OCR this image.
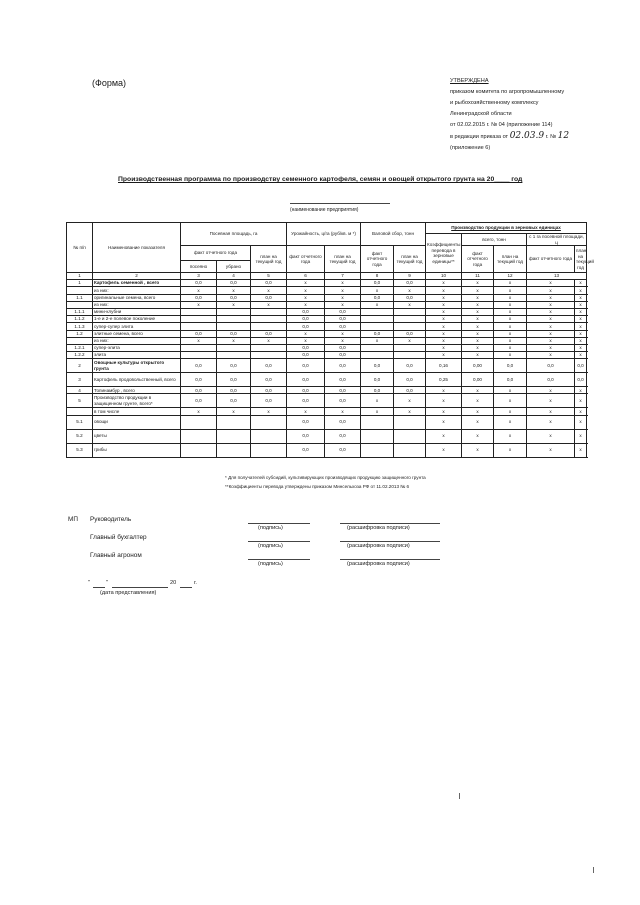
(Форма)	УТВЕРЖДЕНА
приказом комитета по агропромышленному
и рыбохозяйственному комплексу
Ленинградской области
от 02.02.2015 г. № 04 (приложение 114)
в редакции приказа от 02.03.9 г. № 12
(приложение 6)
Производственная программа по производству семенного картофеля, семян и овощей открытого грунта на 20____ год
(наименование предприятия)
№ п/п	Наименование показателя	Посевная площадь, га			Урожайность, ц/га (руб/кв. м *)		Валовой сбор, тонн		Производство продукции в зерновых единицах				
									Коэффициенты перевода в зерновые единицы**	всего, тонн		с 1 га посевной площади, ц	
		факт отчетного года		план на текущий год	факт отчетного года	план на текущий год	факт отчетного года	план на текущий год		факт отчетного года	план на текущий год	факт отчетного года	план на текущий год
		посеяно	убрано										
1	2	3	4	5	6	7	8	9	10	11	12	13	
1	Картофель семенной , всего	0,0	0,0	0,0	x	x	0,0	0,0	x	x	x	x	x
	из них:	x	x	x	x	x	x	x	x	x	x	x	x
1.1	оригинальные семена, всего	0,0	0,0	0,0	x	x	0,0	0,0	x	x	x	x	x
	из них:	x	x	x	x	x	x	x	x	x	x	x	x
1.1.1	мини-клубни				0,0	0,0			x	x	x	x	x
1.1.2	1-е и 2-е полевое поколение				0,0	0,0			x	x	x	x	x
1.1.3	супер-супер элита				0,0	0,0			x	x	x	x	x
1.2	элитные семена, всего	0,0	0,0	0,0	x	x	0,0	0,0	x	x	x	x	x
	из них:	x	x	x	x	x	x	x	x	x	x	x	x
1.2.1	супер-элита				0,0	0,0			x	x	x	x	x
1.2.2	элита				0,0	0,0			x	x	x	x	x
2	Овощные культуры открытого грунта	0,0	0,0	0,0	0,0	0,0	0,0	0,0	0,16	0,00	0,0	0,0	0,0
3	Картофель продовольственный, всего	0,0	0,0	0,0	0,0	0,0	0,0	0,0	0,25	0,00	0,0	0,0	0,0
4	Топинамбур , всего	0,0	0,0	0,0	0,0	0,0	0,0	0,0	x	x	x	x	x
5	Производство продукции в защищенном грунте, всего*	0,0	0,0	0,0	0,0	0,0	x	x	x	x	x	x	x
	в том числе	x	x	x	x	x	x	x	x	x	x	x	x
5.1	овощи				0,0	0,0			x	x	x	x	x
5.2	цветы				0,0	0,0			x	x	x	x	x
5.3	грибы				0,0	0,0			x	x	x	x	x
* Для получателей субсидий, культивирующих производящих продукцию защищенного грунта
**Коэффициенты перевода утверждены приказом Минсельхоза РФ от 11.02.2013 № 6
МП Руководитель
(подпись)	(расшифровка подписи)
Главный бухгалтер
(подпись)	(расшифровка подписи)
Главный агроном
(подпись)	(расшифровка подписи)
"	"	20	г.
(дата представления)
